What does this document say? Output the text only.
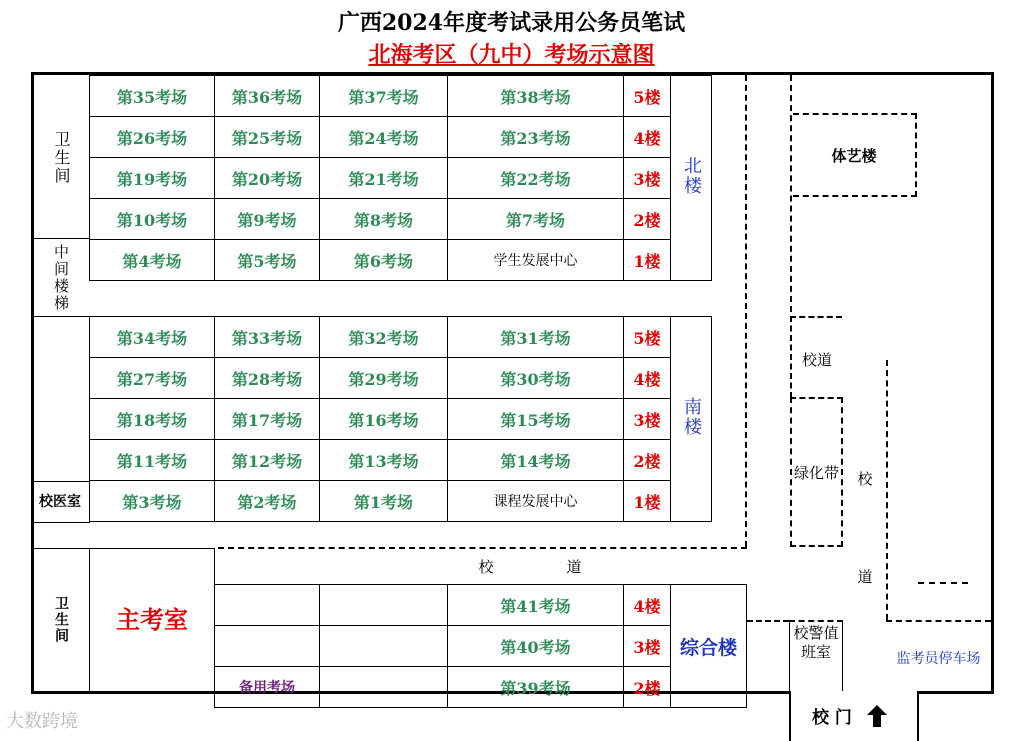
广西2024年度考试录用公务员笔试
北海考区（九中）考场示意图
卫生间
中间楼梯
第35考场	第36考场	第37考场	第38考场	5楼	北楼
第26考场	第25考场	第24考场	第23考场	4楼	
第19考场	第20考场	第21考场	第22考场	3楼	
第10考场	第9考场	第8考场	第7考场	2楼	
第4考场	第5考场	第6考场	学生发展中心	1楼	
校医室
第34考场	第33考场	第32考场	第31考场	5楼	南楼
第27考场	第28考场	第29考场	第30考场	4楼	
第18考场	第17考场	第16考场	第15考场	3楼	
第11考场	第12考场	第13考场	第14考场	2楼	
第3考场	第2考场	第1考场	课程发展中心	1楼	
卫生间	主考室
校	道
		第41考场	4楼	综合楼
		第40考场	3楼	
备用考场		第39考场	2楼	
体艺楼
校道
绿化带 校
道
校警值班室	监考员停车场
校 门
大数跨境
